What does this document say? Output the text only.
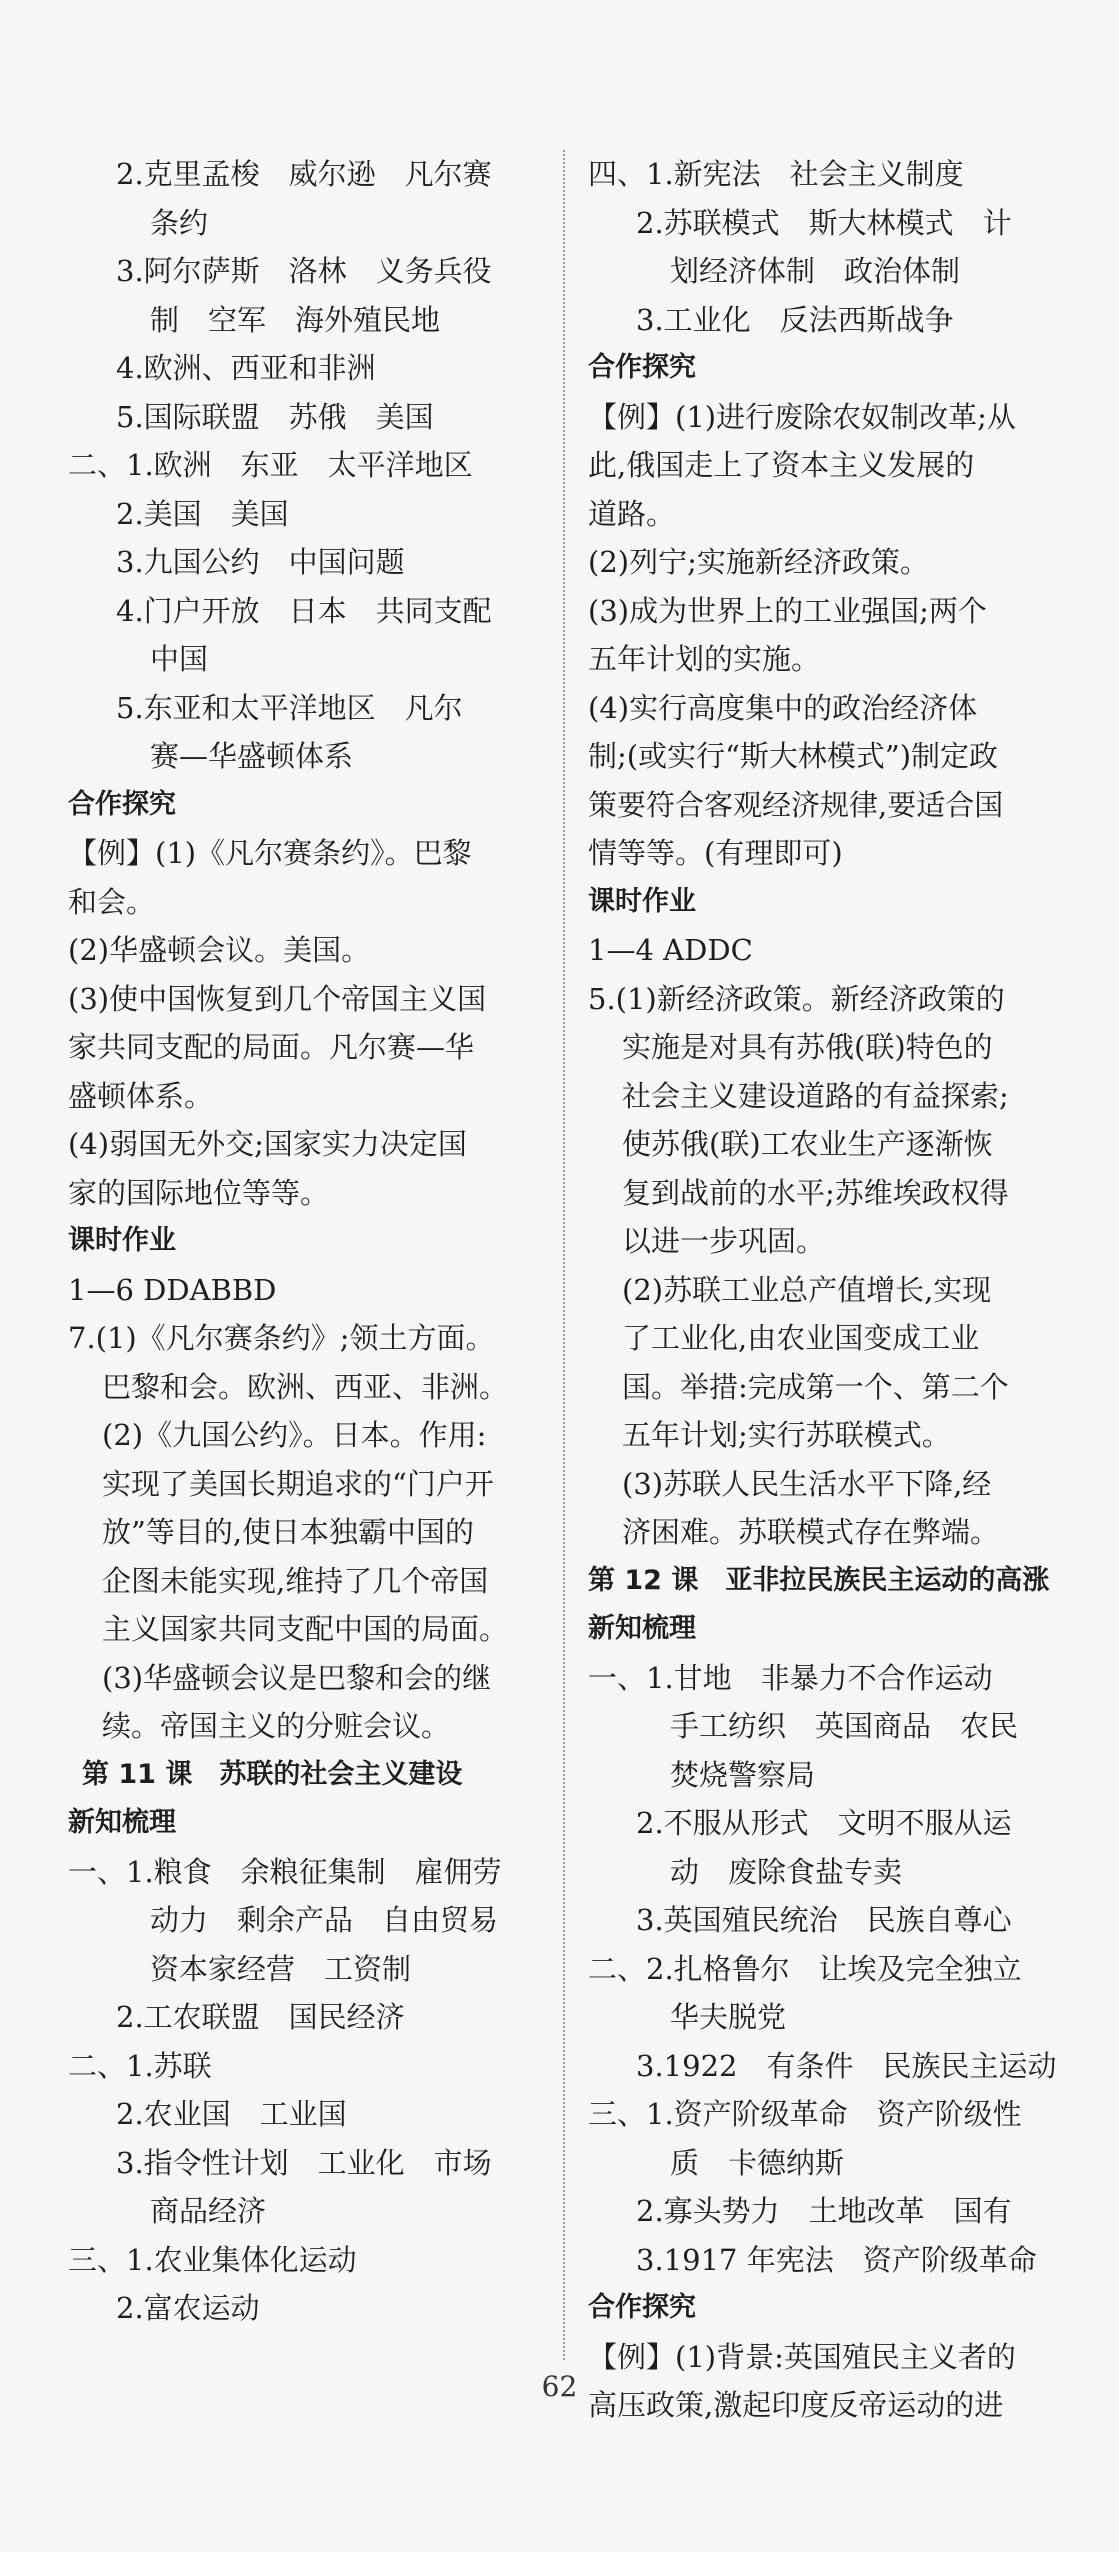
2.克里孟梭　威尔逊　凡尔赛
条约
3.阿尔萨斯　洛林　义务兵役
制　空军　海外殖民地
4.欧洲、西亚和非洲
5.国际联盟　苏俄　美国
二、1.欧洲　东亚　太平洋地区
2.美国　美国
3.九国公约　中国问题
4.门户开放　日本　共同支配
中国
5.东亚和太平洋地区　凡尔
赛—华盛顿体系
合作探究
【例】(1)《凡尔赛条约》。巴黎
和会。
(2)华盛顿会议。美国。
(3)使中国恢复到几个帝国主义国
家共同支配的局面。凡尔赛—华
盛顿体系。
(4)弱国无外交;国家实力决定国
家的国际地位等等。
课时作业
1—6 DDABBD
7.(1)《凡尔赛条约》;领土方面。
巴黎和会。欧洲、西亚、非洲。
(2)《九国公约》。日本。作用:
实现了美国长期追求的“门户开
放”等目的,使日本独霸中国的
企图未能实现,维持了几个帝国
主义国家共同支配中国的局面。
(3)华盛顿会议是巴黎和会的继
续。帝国主义的分赃会议。
第 11 课　苏联的社会主义建设
新知梳理
一、1.粮食　余粮征集制　雇佣劳
动力　剩余产品　自由贸易
资本家经营　工资制
2.工农联盟　国民经济
二、1.苏联
2.农业国　工业国
3.指令性计划　工业化　市场
商品经济
三、1.农业集体化运动
2.富农运动
四、1.新宪法　社会主义制度
2.苏联模式　斯大林模式　计
划经济体制　政治体制
3.工业化　反法西斯战争
合作探究
【例】(1)进行废除农奴制改革;从
此,俄国走上了资本主义发展的
道路。
(2)列宁;实施新经济政策。
(3)成为世界上的工业强国;两个
五年计划的实施。
(4)实行高度集中的政治经济体
制;(或实行“斯大林模式”)制定政
策要符合客观经济规律,要适合国
情等等。(有理即可)
课时作业
1—4 ADDC
5.(1)新经济政策。新经济政策的
实施是对具有苏俄(联)特色的
社会主义建设道路的有益探索;
使苏俄(联)工农业生产逐渐恢
复到战前的水平;苏维埃政权得
以进一步巩固。
(2)苏联工业总产值增长,实现
了工业化,由农业国变成工业
国。举措:完成第一个、第二个
五年计划;实行苏联模式。
(3)苏联人民生活水平下降,经
济困难。苏联模式存在弊端。
第 12 课　亚非拉民族民主运动的高涨
新知梳理
一、1.甘地　非暴力不合作运动
手工纺织　英国商品　农民
焚烧警察局
2.不服从形式　文明不服从运
动　废除食盐专卖
3.英国殖民统治　民族自尊心
二、2.扎格鲁尔　让埃及完全独立
华夫脱党
3.1922　有条件　民族民主运动
三、1.资产阶级革命　资产阶级性
质　卡德纳斯
2.寡头势力　土地改革　国有
3.1917 年宪法　资产阶级革命
合作探究
【例】(1)背景:英国殖民主义者的
高压政策,激起印度反帝运动的进
62
